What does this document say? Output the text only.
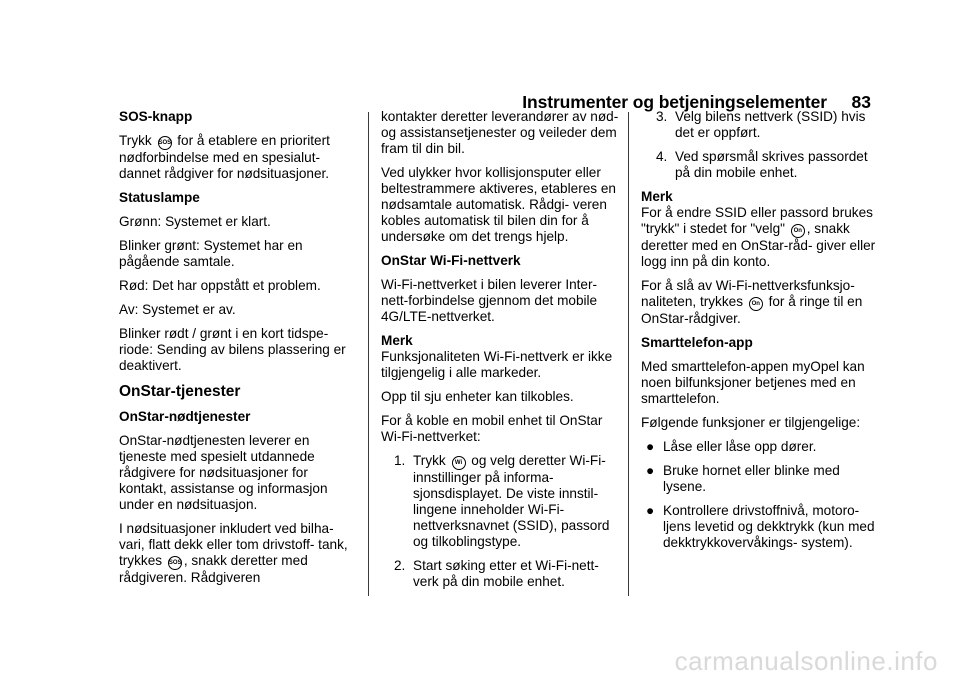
Instrumenter og betjeningselementer 83

SOS-knapp

Trykk SOS for å etablere en prioritert nødforbindelse med en spesialut- dannet rådgiver for nødsituasjoner.

Statuslampe

Grønn: Systemet er klart.

Blinker grønt: Systemet har en pågående samtale.

Rød: Det har oppstått et problem.

Av: Systemet er av.

Blinker rødt / grønt i en kort tidspe- riode: Sending av bilens plassering er deaktivert.

OnStar-tjenester

OnStar-nødtjenester

OnStar-nødtjenesten leverer en tjeneste med spesielt utdannede rådgivere for nødsituasjoner for kontakt, assistanse og informasjon under en nødsituasjon.

I nødsituasjoner inkludert ved bilha- vari, flatt dekk eller tom drivstoff- tank, trykkes SOS , snakk deretter med rådgiveren. Rådgiveren

kontakter deretter leverandører av nød- og assistansetjenester og veileder dem fram til din bil.

Ved ulykker hvor kollisjonsputer eller beltestrammere aktiveres, etableres en nødsamtale automatisk. Rådgi- veren kobles automatisk til bilen din for å undersøke om det trengs hjelp.

OnStar Wi-Fi-nettverk

Wi-Fi-nettverket i bilen leverer Inter- nett-forbindelse gjennom det mobile 4G/LTE-nettverket.

Merk

Funksjonaliteten Wi-Fi-nettverk er ikke tilgjengelig i alle markeder.

Opp til sju enheter kan tilkobles.

For å koble en mobil enhet til OnStar Wi-Fi-nettverket:

1. Trykk Wi og velg deretter Wi-Fi-innstillinger på informa- sjonsdisplayet. De viste innstil- lingene inneholder Wi-Fi-nettverksnavnet (SSID), passord og tilkoblingstype.
2. Start søking etter et Wi-Fi-nett- verk på din mobile enhet.
3. Velg bilens nettverk (SSID) hvis det er oppført.
4. Ved spørsmål skrives passordet på din mobile enhet.

Merk

For å endre SSID eller passord brukes "trykk" i stedet for "velg" On , snakk deretter med en OnStar-råd- giver eller logg inn på din konto.

For å slå av Wi-Fi-nettverksfunksjo- naliteten, trykkes On for å ringe til en OnStar-rådgiver.

Smarttelefon-app

Med smarttelefon-appen myOpel kan noen bilfunksjoner betjenes med en smarttelefon.

Følgende funksjoner er tilgjengelige:

● Låse eller låse opp dører.
● Bruke hornet eller blinke med lysene.
● Kontrollere drivstoffnivå, motoro- ljens levetid og dekktrykk (kun med dekktrykkovervåkings- system).
carmanualsonline.info
